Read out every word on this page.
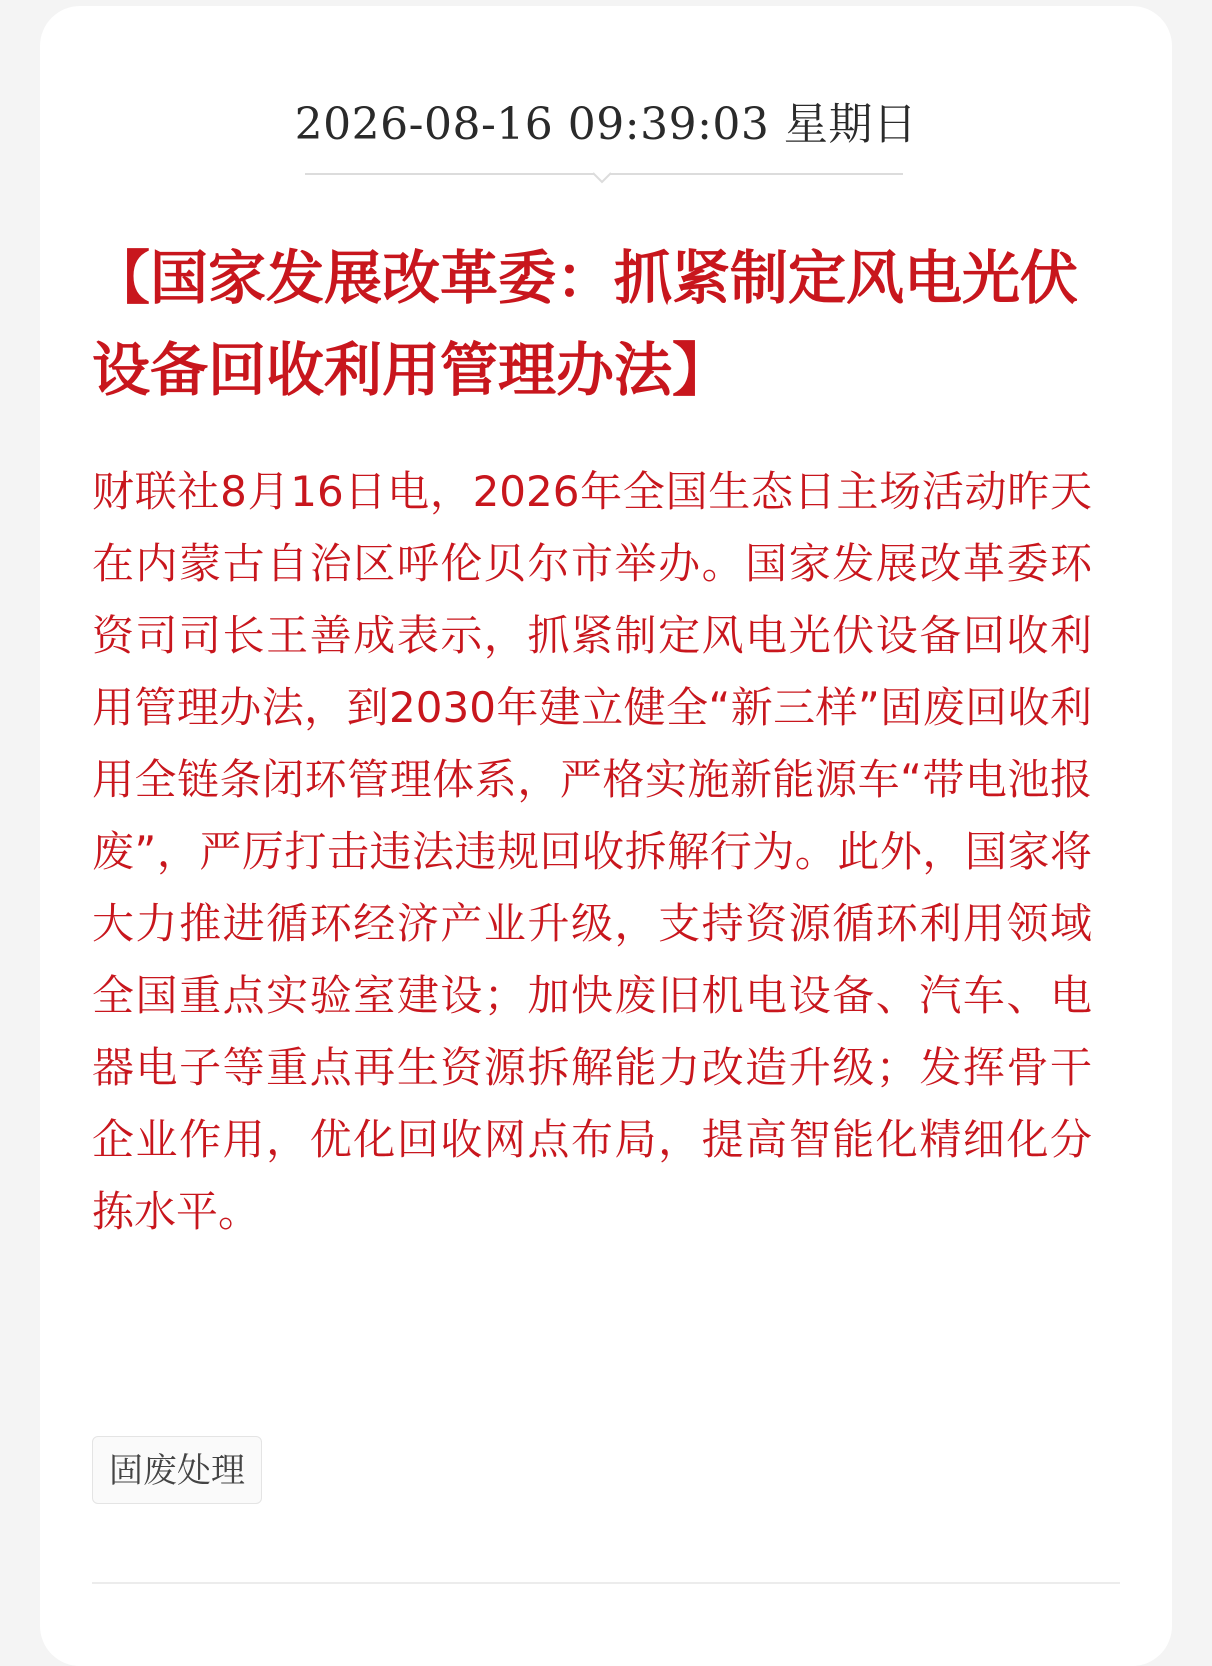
2026-08-16 09:39:03 星期日
【国家发展改革委：抓紧制定风电光伏设备回收利用管理办法】

财联社8月16日电，2026年全国生态日主场活动昨天在内蒙古自治区呼伦贝尔市举办。国家发展改革委环资司司长王善成表示，抓紧制定风电光伏设备回收利用管理办法，到2030年建立健全“新三样”固废回收利用全链条闭环管理体系，严格实施新能源车“带电池报废”，严厉打击违法违规回收拆解行为。此外，国家将大力推进循环经济产业升级，支持资源循环利用领域全国重点实验室建设；加快废旧机电设备、汽车、电器电子等重点再生资源拆解能力改造升级；发挥骨干企业作用，优化回收网点布局，提高智能化精细化分拣水平。

固废处理
